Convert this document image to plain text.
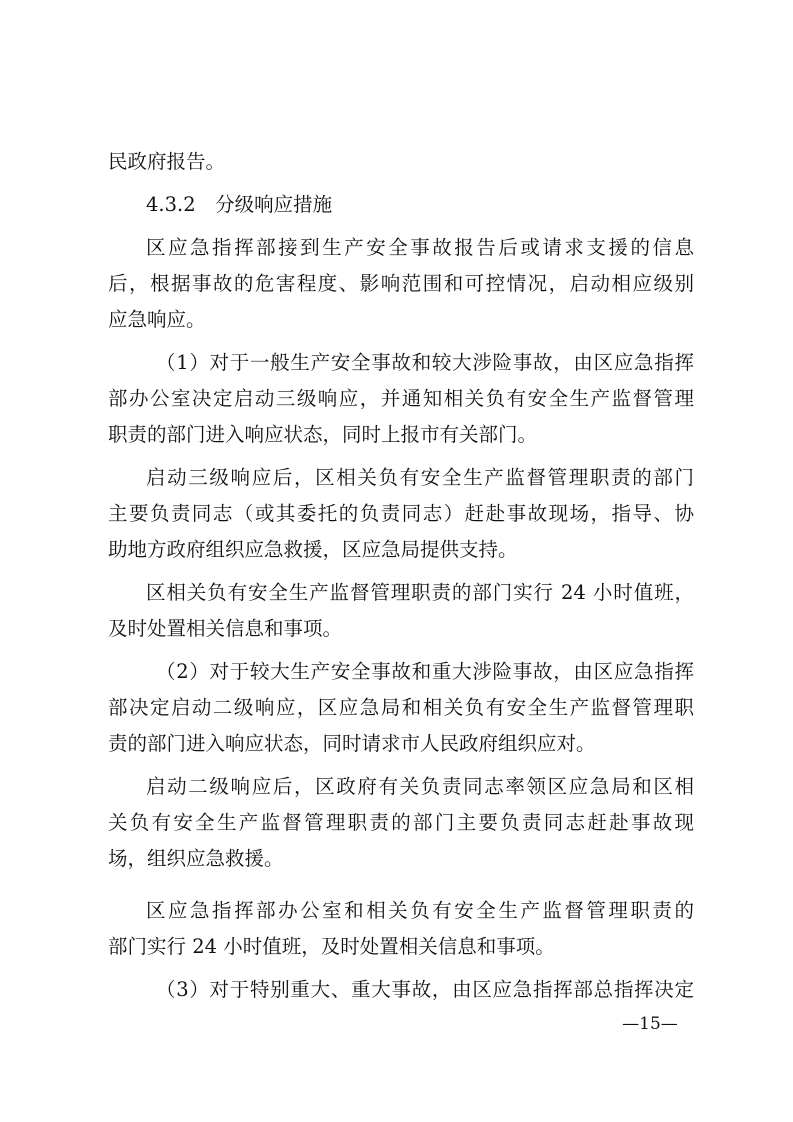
民政府报告。
4.3.2　分级响应措施
区应急指挥部接到生产安全事故报告后或请求支援的信息
后，根据事故的危害程度、影响范围和可控情况，启动相应级别
应急响应。
（1）对于一般生产安全事故和较大涉险事故，由区应急指挥
部办公室决定启动三级响应，并通知相关负有安全生产监督管理
职责的部门进入响应状态，同时上报市有关部门。
启动三级响应后，区相关负有安全生产监督管理职责的部门
主要负责同志（或其委托的负责同志）赶赴事故现场，指导、协
助地方政府组织应急救援，区应急局提供支持。
区相关负有安全生产监督管理职责的部门实行 24 小时值班，
及时处置相关信息和事项。
（2）对于较大生产安全事故和重大涉险事故，由区应急指挥
部决定启动二级响应，区应急局和相关负有安全生产监督管理职
责的部门进入响应状态，同时请求市人民政府组织应对。
启动二级响应后，区政府有关负责同志率领区应急局和区相
关负有安全生产监督管理职责的部门主要负责同志赶赴事故现
场，组织应急救援。
区应急指挥部办公室和相关负有安全生产监督管理职责的
部门实行 24 小时值班，及时处置相关信息和事项。
（3）对于特别重大、重大事故，由区应急指挥部总指挥决定
—15—
